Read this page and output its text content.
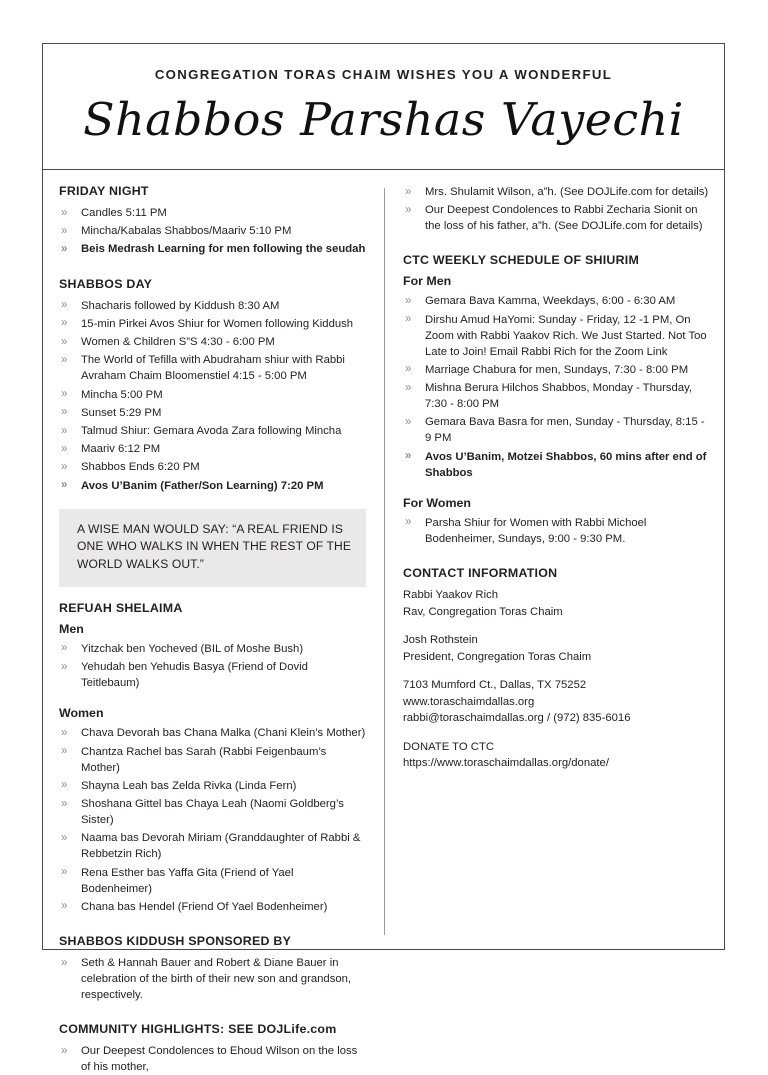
CONGREGATION TORAS CHAIM WISHES YOU A WONDERFUL
Shabbos Parshas Vayechi
FRIDAY NIGHT
» Candles 5:11 PM
» Mincha/Kabalas Shabbos/Maariv 5:10 PM
» Beis Medrash Learning for men following the seudah
SHABBOS DAY
» Shacharis followed by Kiddush 8:30 AM
» 15-min Pirkei Avos Shiur for Women following Kiddush
» Women & Children S”S 4:30 - 6:00 PM
» The World of Tefilla with Abudraham shiur with Rabbi Avraham Chaim Bloomenstiel 4:15 - 5:00 PM
» Mincha 5:00 PM
» Sunset 5:29 PM
» Talmud Shiur: Gemara Avoda Zara following Mincha
» Maariv 6:12 PM
» Shabbos Ends 6:20 PM
» Avos U’Banim (Father/Son Learning) 7:20 PM
A WISE MAN WOULD SAY: “A REAL FRIEND IS ONE WHO WALKS IN WHEN THE REST OF THE WORLD WALKS OUT.”
REFUAH SHELAIMA
Men
» Yitzchak ben Yocheved (BIL of Moshe Bush)
» Yehudah ben Yehudis Basya (Friend of Dovid Teitlebaum)
Women
» Chava Devorah bas Chana Malka (Chani Klein’s Mother)
» Chantza Rachel bas Sarah (Rabbi Feigenbaum’s Mother)
» Shayna Leah bas Zelda Rivka (Linda Fern)
» Shoshana Gittel bas Chaya Leah (Naomi Goldberg’s Sister)
» Naama bas Devorah Miriam (Granddaughter of Rabbi & Rebbetzin Rich)
» Rena Esther bas Yaffa Gita (Friend of Yael Bodenheimer)
» Chana bas Hendel (Friend Of Yael Bodenheimer)
SHABBOS KIDDUSH SPONSORED BY
» Seth & Hannah Bauer and Robert & Diane Bauer in celebration of the birth of their new son and grandson, respectively.
COMMUNITY HIGHLIGHTS: SEE DOJLife.com
» Our Deepest Condolences to Ehoud Wilson on the loss of his mother,
» Mrs. Shulamit Wilson, a”h. (See DOJLife.com for details)
» Our Deepest Condolences to Rabbi Zecharia Sionit on the loss of his father, a”h. (See DOJLife.com for details)
CTC WEEKLY SCHEDULE OF SHIURIM
For Men
» Gemara Bava Kamma, Weekdays, 6:00 - 6:30 AM
» Dirshu Amud HaYomi: Sunday - Friday, 12 -1 PM, On Zoom with Rabbi Yaakov Rich. We Just Started. Not Too Late to Join! Email Rabbi Rich for the Zoom Link
» Marriage Chabura for men, Sundays, 7:30 - 8:00 PM
» Mishna Berura Hilchos Shabbos, Monday - Thursday, 7:30 - 8:00 PM
» Gemara Bava Basra for men, Sunday - Thursday, 8:15 - 9 PM
» Avos U’Banim, Motzei Shabbos, 60 mins after end of Shabbos
For Women
» Parsha Shiur for Women with Rabbi Michoel Bodenheimer, Sundays, 9:00 - 9:30 PM.
CONTACT INFORMATION
Rabbi Yaakov Rich
Rav, Congregation Toras Chaim
Josh Rothstein
President, Congregation Toras Chaim
7103 Mumford Ct., Dallas, TX 75252
www.toraschaimdallas.org
rabbi@toraschaimdallas.org / (972) 835-6016
DONATE TO CTC
https://www.toraschaimdallas.org/donate/
